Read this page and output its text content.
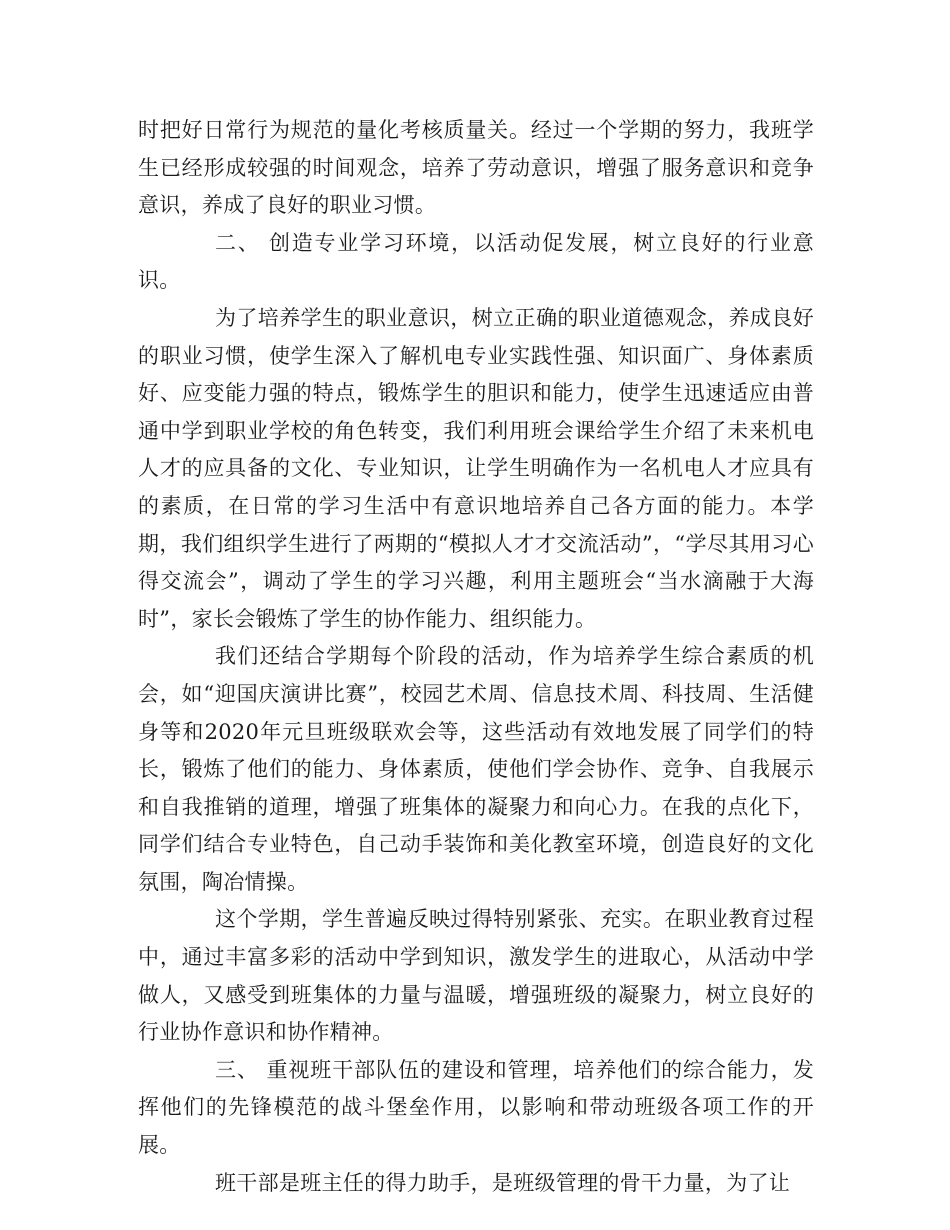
时把好日常行为规范的量化考核质量关。经过一个学期的努力，我班学生已经形成较强的时间观念，培养了劳动意识，增强了服务意识和竞争意识，养成了良好的职业习惯。

二、 创造专业学习环境，以活动促发展，树立良好的行业意识。

为了培养学生的职业意识，树立正确的职业道德观念，养成良好的职业习惯，使学生深入了解机电专业实践性强、知识面广、身体素质好、应变能力强的特点，锻炼学生的胆识和能力，使学生迅速适应由普通中学到职业学校的角色转变，我们利用班会课给学生介绍了未来机电人才的应具备的文化、专业知识，让学生明确作为一名机电人才应具有的素质，在日常的学习生活中有意识地培养自己各方面的能力。本学期，我们组织学生进行了两期的“模拟人才才交流活动”，“学尽其用习心得交流会”，调动了学生的学习兴趣，利用主题班会“当水滴融于大海时”，家长会锻炼了学生的协作能力、组织能力。

我们还结合学期每个阶段的活动，作为培养学生综合素质的机会，如“迎国庆演讲比赛”，校园艺术周、信息技术周、科技周、生活健身等和2020年元旦班级联欢会等，这些活动有效地发展了同学们的特长，锻炼了他们的能力、身体素质，使他们学会协作、竞争、自我展示和自我推销的道理，增强了班集体的凝聚力和向心力。在我的点化下，同学们结合专业特色，自己动手装饰和美化教室环境，创造良好的文化氛围，陶冶情操。

这个学期，学生普遍反映过得特别紧张、充实。在职业教育过程中，通过丰富多彩的活动中学到知识，激发学生的进取心，从活动中学做人，又感受到班集体的力量与温暖，增强班级的凝聚力，树立良好的行业协作意识和协作精神。

三、 重视班干部队伍的建设和管理，培养他们的综合能力，发挥他们的先锋模范的战斗堡垒作用，以影响和带动班级各项工作的开展。

班干部是班主任的得力助手，是班级管理的骨干力量，为了让
